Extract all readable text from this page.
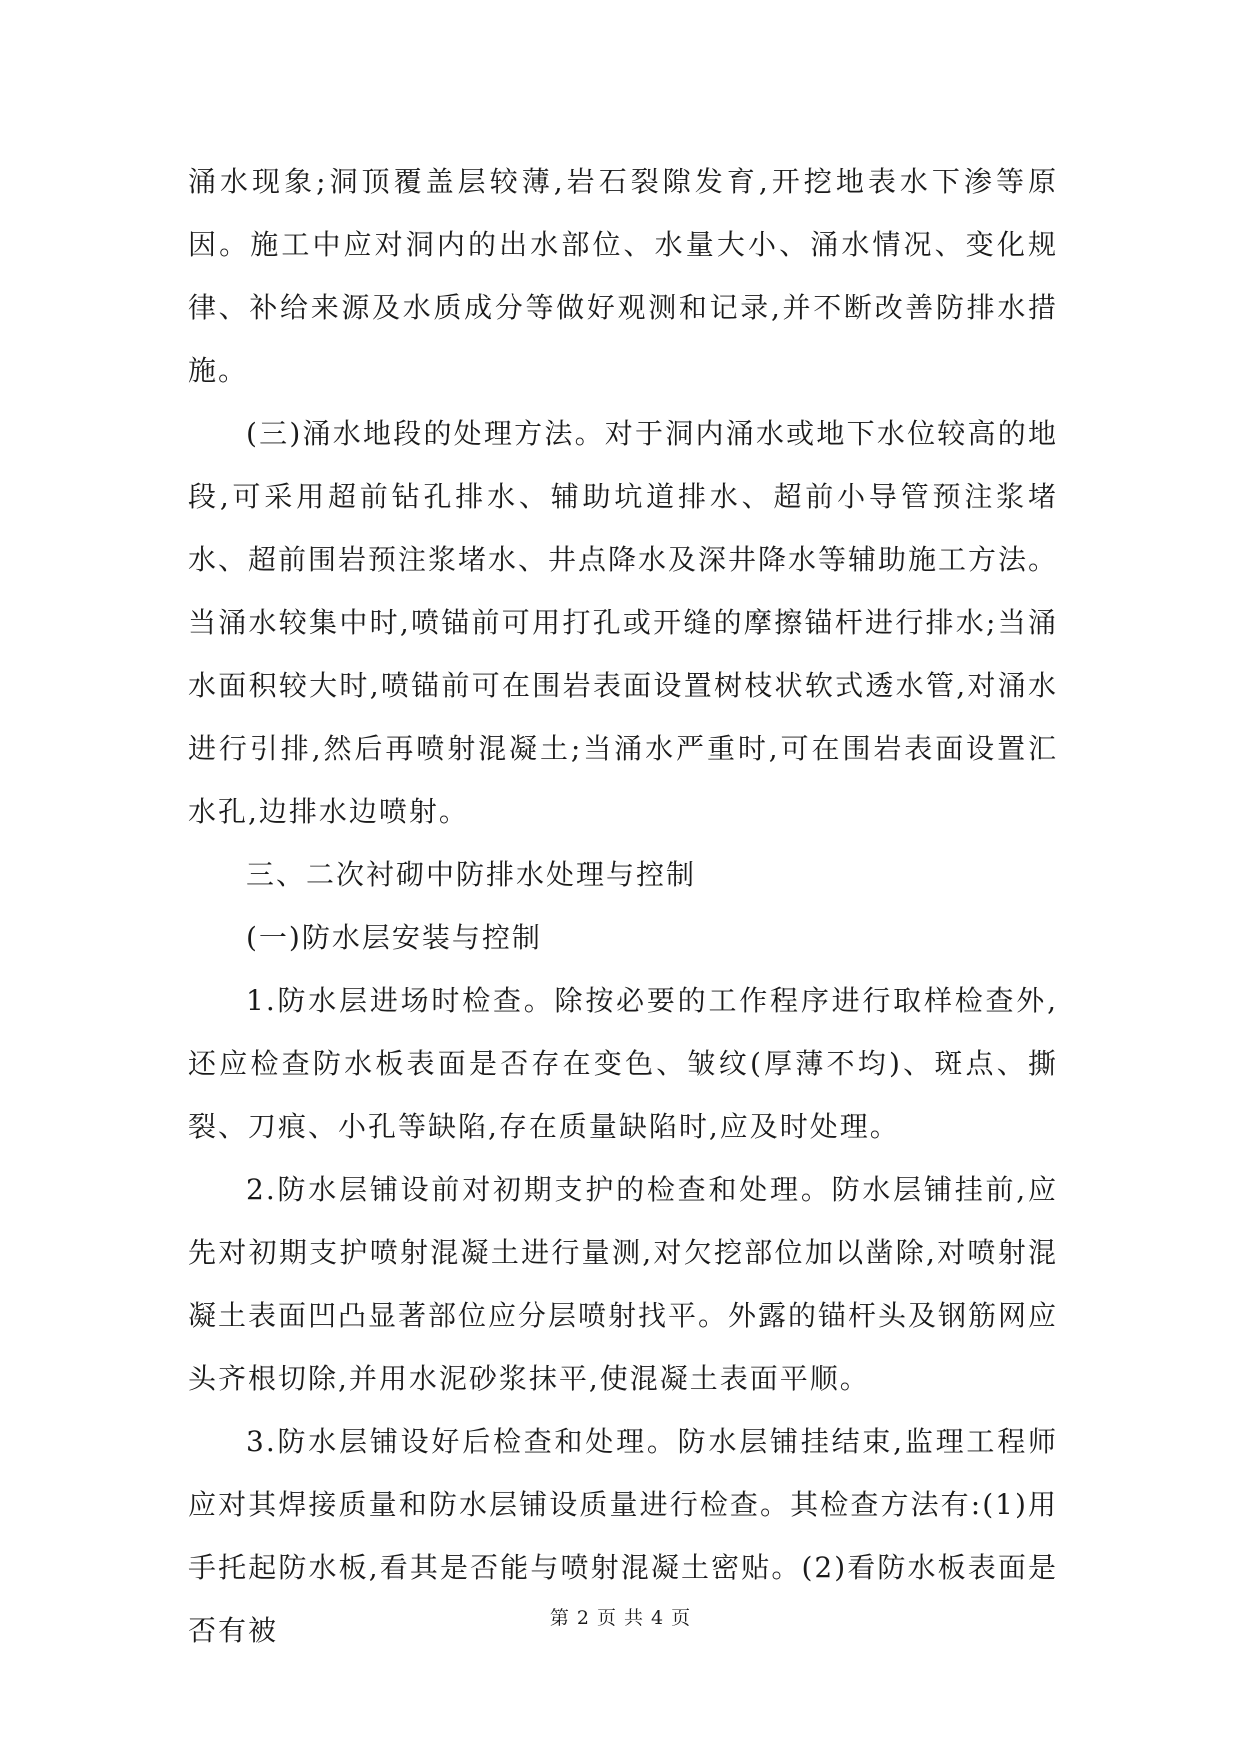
涌水现象;洞顶覆盖层较薄,岩石裂隙发育,开挖地表水下渗等原因。施工中应对洞内的出水部位、水量大小、涌水情况、变化规律、补给来源及水质成分等做好观测和记录,并不断改善防排水措施。

(三)涌水地段的处理方法。对于洞内涌水或地下水位较高的地段,可采用超前钻孔排水、辅助坑道排水、超前小导管预注浆堵水、超前围岩预注浆堵水、井点降水及深井降水等辅助施工方法。当涌水较集中时,喷锚前可用打孔或开缝的摩擦锚杆进行排水;当涌水面积较大时,喷锚前可在围岩表面设置树枝状软式透水管,对涌水进行引排,然后再喷射混凝土;当涌水严重时,可在围岩表面设置汇水孔,边排水边喷射。

三、二次衬砌中防排水处理与控制

(一)防水层安装与控制

1.防水层进场时检查。除按必要的工作程序进行取样检查外,还应检查防水板表面是否存在变色、皱纹(厚薄不均)、斑点、撕裂、刀痕、小孔等缺陷,存在质量缺陷时,应及时处理。

2.防水层铺设前对初期支护的检查和处理。防水层铺挂前,应先对初期支护喷射混凝土进行量测,对欠挖部位加以凿除,对喷射混凝土表面凹凸显著部位应分层喷射找平。外露的锚杆头及钢筋网应头齐根切除,并用水泥砂浆抹平,使混凝土表面平顺。

3.防水层铺设好后检查和处理。防水层铺挂结束,监理工程师应对其焊接质量和防水层铺设质量进行检查。其检查方法有:(1)用手托起防水板,看其是否能与喷射混凝土密贴。(2)看防水板表面是否有被	第 2 页 共 4 页
